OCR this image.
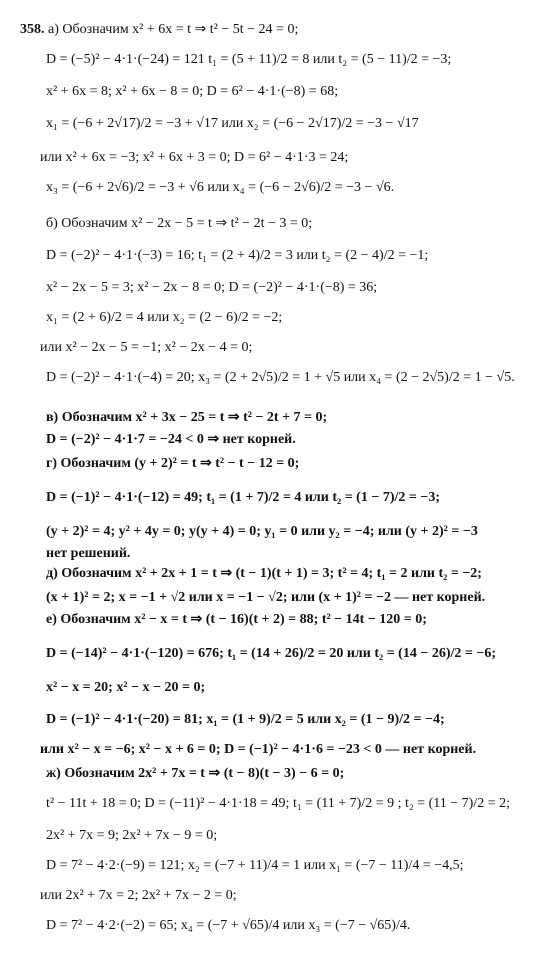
358. а) Обозначим x² + 6x = t ⇒ t² − 5t − 24 = 0;
D = (−5)² − 4·1·(−24) = 121 t₁ = (5 + 11)/2 = 8 или t₂ = (5 − 11)/2 = −3;
x² + 6x = 8; x² + 6x − 8 = 0; D = 6² − 4·1·(−8) = 68;
x₁ = (−6 + 2√17)/2 = −3 + √17 или x₂ = (−6 − 2√17)/2 = −3 − √17
или x² + 6x = −3; x² + 6x + 3 = 0; D = 6² − 4·1·3 = 24;
x₃ = (−6 + 2√6)/2 = −3 + √6 или x₄ = (−6 − 2√6)/2 = −3 − √6.
б) Обозначим x² − 2x − 5 = t ⇒ t² − 2t − 3 = 0;
D = (−2)² − 4·1·(−3) = 16; t₁ = (2 + 4)/2 = 3 или t₂ = (2 − 4)/2 = −1;
x² − 2x − 5 = 3; x² − 2x − 8 = 0; D = (−2)² − 4·1·(−8) = 36;
x₁ = (2 + 6)/2 = 4 или x₂ = (2 − 6)/2 = −2;
или x² − 2x − 5 = −1; x² − 2x − 4 = 0;
D = (−2)² − 4·1·(−4) = 20; x₃ = (2 + 2√5)/2 = 1 + √5 или x₄ = (2 − 2√5)/2 = 1 − √5.
в) Обозначим x² + 3x − 25 = t ⇒ t² − 2t + 7 = 0;
D = (−2)² − 4·1·7 = −24 < 0 ⇒ нет корней.
г) Обозначим (y + 2)² = t ⇒ t² − t − 12 = 0;
D = (−1)² − 4·1·(−12) = 49; t₁ = (1 + 7)/2 = 4 или t₂ = (1 − 7)/2 = −3;
(y + 2)² = 4; y² + 4y = 0; y(y + 4) = 0; y₁ = 0 или y₂ = −4; или (y + 2)² = −3
нет решений.
д) Обозначим x² + 2x + 1 = t ⇒ (t − 1)(t + 1) = 3; t² = 4; t₁ = 2 или t₂ = −2;
(x + 1)² = 2; x = −1 + √2 или x = −1 − √2; или (x + 1)² = −2 — нет корней.
е) Обозначим x² − x = t ⇒ (t − 16)(t + 2) = 88; t² − 14t − 120 = 0;
D = (−14)² − 4·1·(−120) = 676; t₁ = (14 + 26)/2 = 20 или t₂ = (14 − 26)/2 = −6;
x² − x = 20; x² − x − 20 = 0;
D = (−1)² − 4·1·(−20) = 81; x₁ = (1 + 9)/2 = 5 или x₂ = (1 − 9)/2 = −4;
или x² − x = −6; x² − x + 6 = 0; D = (−1)² − 4·1·6 = −23 < 0 — нет корней.
ж) Обозначим 2x² + 7x = t ⇒ (t − 8)(t − 3) − 6 = 0;
t² − 11t + 18 = 0; D = (−11)² − 4·1·18 = 49; t₁ = (11 + 7)/2 = 9 ; t₂ = (11 − 7)/2 = 2;
2x² + 7x = 9; 2x² + 7x − 9 = 0;
D = 7² − 4·2·(−9) = 121; x₂ = (−7 + 11)/4 = 1 или x₁ = (−7 − 11)/4 = −4,5;
или 2x² + 7x = 2; 2x² + 7x − 2 = 0;
D = 7² − 4·2·(−2) = 65; x₄ = (−7 + √65)/4 или x₃ = (−7 − √65)/4.
